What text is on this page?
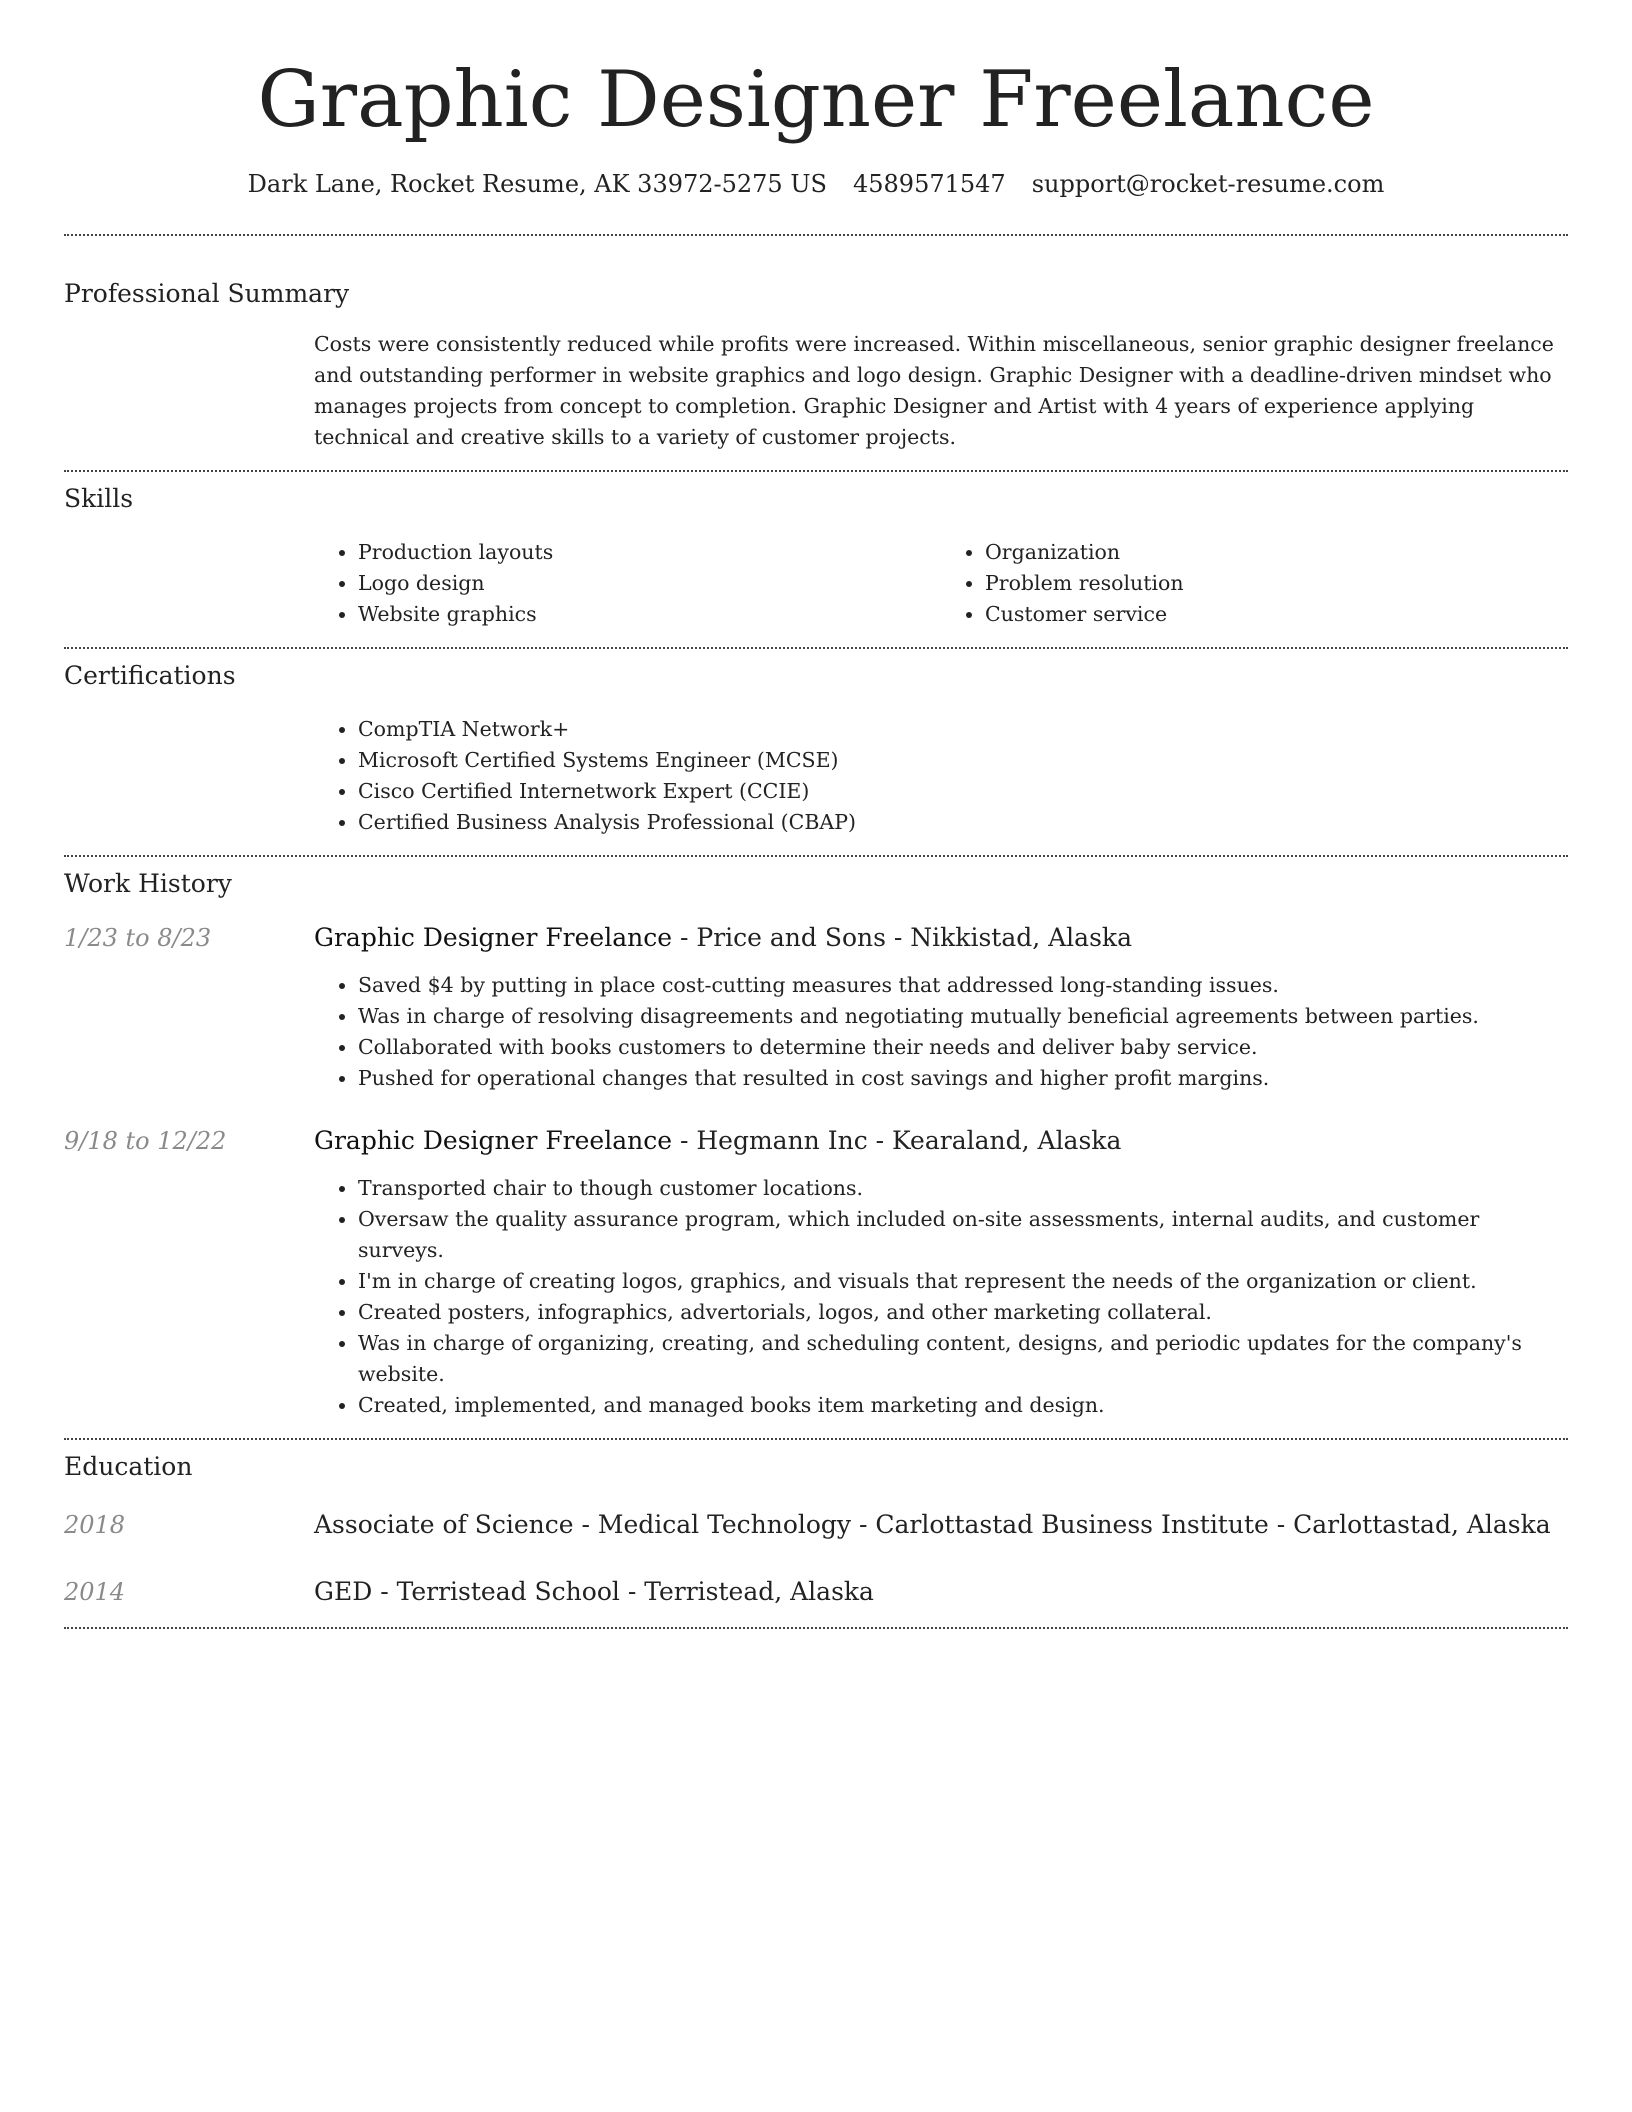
Graphic Designer Freelance
Dark Lane, Rocket Resume, AK 33972-5275 US 4589571547 support@rocket-resume.com
Professional Summary

Costs were consistently reduced while profits were increased. Within miscellaneous, senior graphic designer freelance and outstanding performer in website graphics and logo design. Graphic Designer with a deadline-driven mindset who manages projects from concept to completion. Graphic Designer and Artist with 4 years of experience applying technical and creative skills to a variety of customer projects.

Skills
• Production layouts
• Logo design
• Website graphics
• Organization
• Problem resolution
• Customer service
Certifications
• CompTIA Network+
• Microsoft Certified Systems Engineer (MCSE)
• Cisco Certified Internetwork Expert (CCIE)
• Certified Business Analysis Professional (CBAP)
Work History
1/23 to 8/23	Graphic Designer Freelance - Price and Sons - Nikkistad, Alaska
• Saved $4 by putting in place cost-cutting measures that addressed long-standing issues.
• Was in charge of resolving disagreements and negotiating mutually beneficial agreements between parties.
• Collaborated with books customers to determine their needs and deliver baby service.
• Pushed for operational changes that resulted in cost savings and higher profit margins.
9/18 to 12/22	Graphic Designer Freelance - Hegmann Inc - Kearaland, Alaska
• Transported chair to though customer locations.
• Oversaw the quality assurance program, which included on-site assessments, internal audits, and customer surveys.
• I'm in charge of creating logos, graphics, and visuals that represent the needs of the organization or client.
• Created posters, infographics, advertorials, logos, and other marketing collateral.
• Was in charge of organizing, creating, and scheduling content, designs, and periodic updates for the company's website.
• Created, implemented, and managed books item marketing and design.
Education
2018	Associate of Science - Medical Technology - Carlottastad Business Institute - Carlottastad, Alaska
2014	GED - Terristead School - Terristead, Alaska
